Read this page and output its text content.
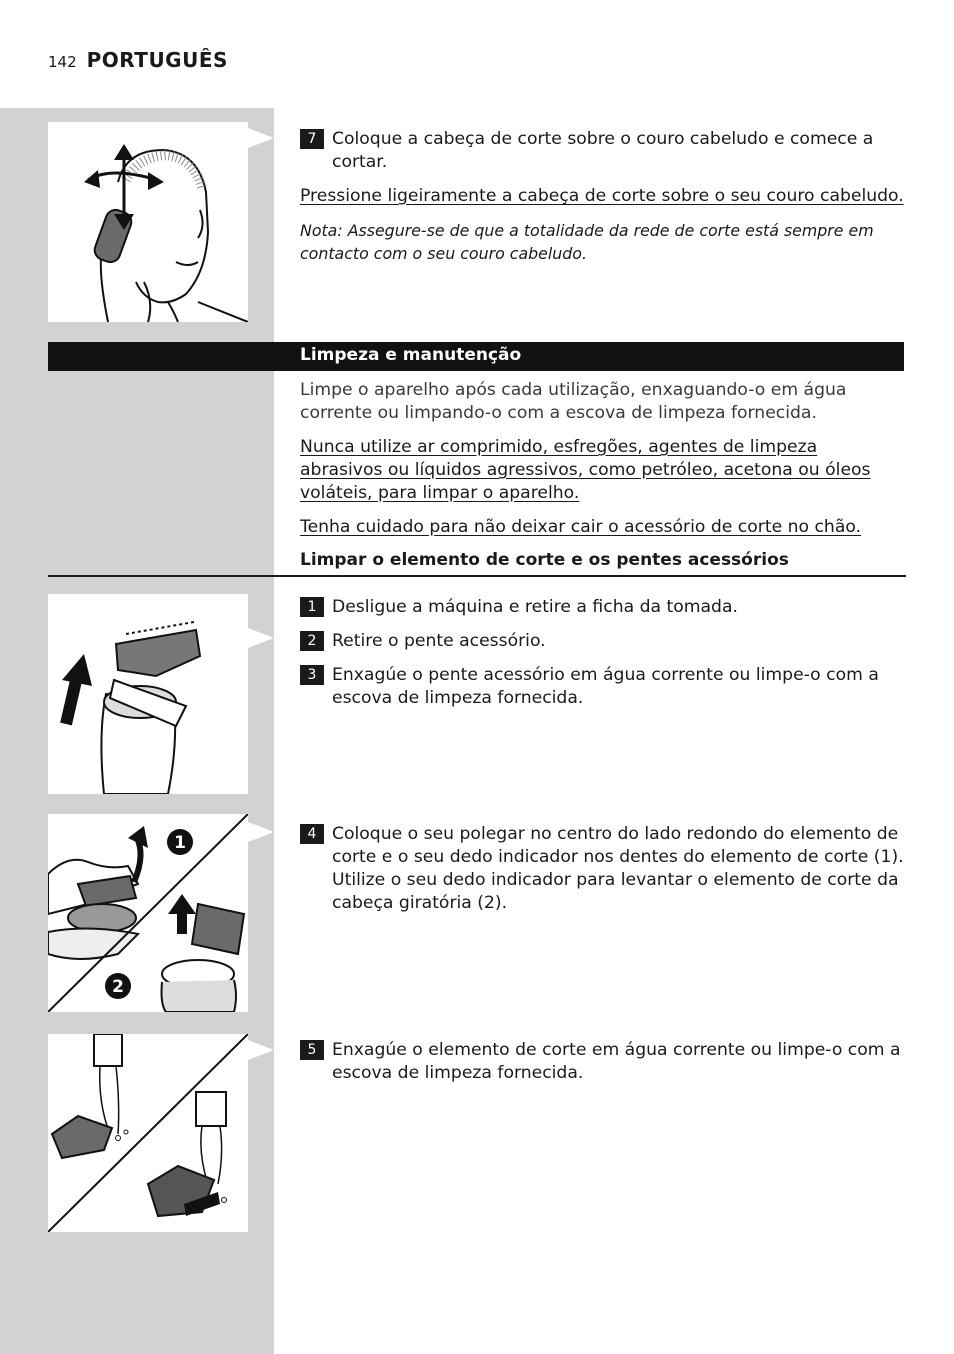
142 PORTUGUÊS
7 Coloque a cabeça de corte sobre o couro cabeludo e comece a cortar.

Pressione ligeiramente a cabeça de corte sobre o seu couro cabeludo.

Nota: Assegure-se de que a totalidade da rede de corte está sempre em contacto com o seu couro cabeludo.

Limpeza e manutenção

Limpe o aparelho após cada utilização, enxaguando-o em água corrente ou limpando-o com a escova de limpeza fornecida.

Nunca utilize ar comprimido, esfregões, agentes de limpeza abrasivos ou líquidos agressivos, como petróleo, acetona ou óleos voláteis, para limpar o aparelho.

Tenha cuidado para não deixar cair o acessório de corte no chão.

Limpar o elemento de corte e os pentes acessórios
1 Desligue a máquina e retire a ficha da tomada.
2 Retire o pente acessório.
3 Enxagúe o pente acessório em água corrente ou limpe-o com a escova de limpeza fornecida.
1
2
4 Coloque o seu polegar no centro do lado redondo do elemento de corte e o seu dedo indicador nos dentes do elemento de corte (1). Utilize o seu dedo indicador para levantar o elemento de corte da cabeça giratória (2).
5 Enxagúe o elemento de corte em água corrente ou limpe-o com a escova de limpeza fornecida.
